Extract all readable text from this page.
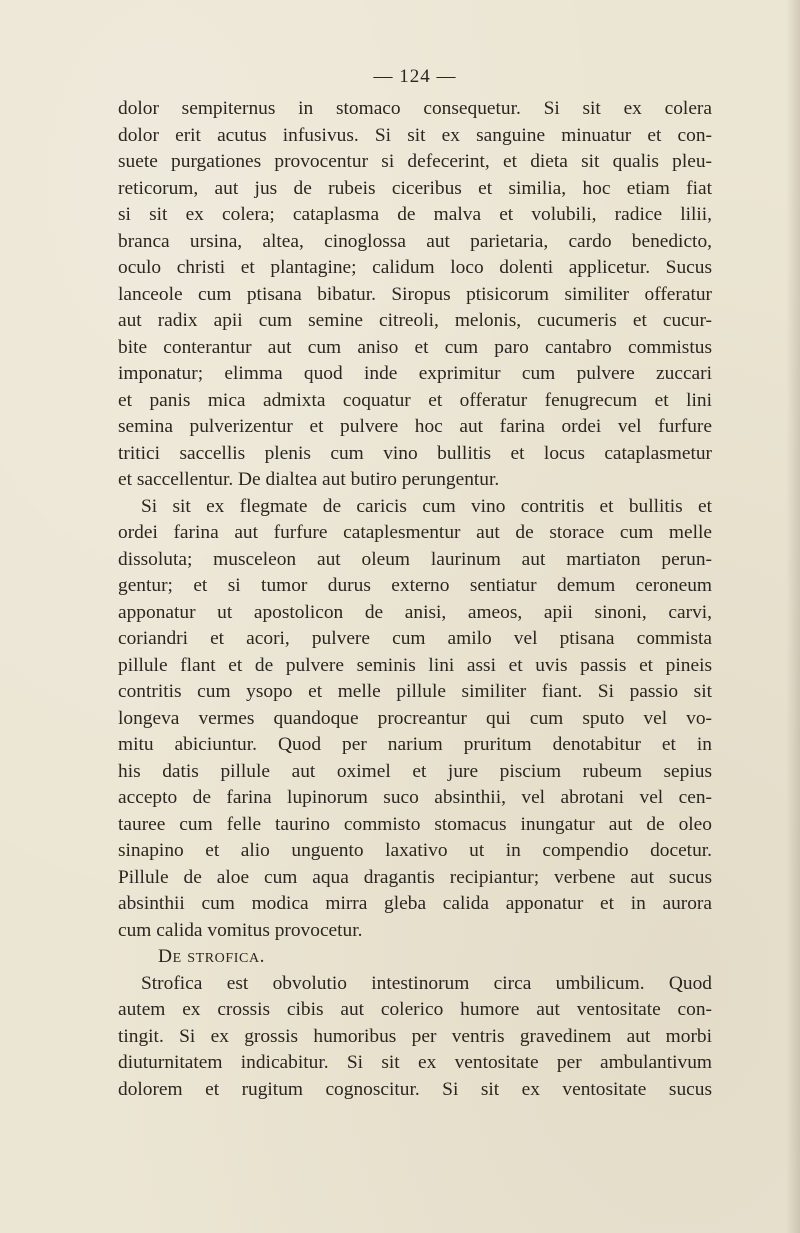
— 124 —
dolor sempiternus in stomaco consequetur. Si sit ex colera
dolor erit acutus infusivus. Si sit ex sanguine minuatur et con-
suete purgationes provocentur si defecerint, et dieta sit qualis pleu-
reticorum, aut jus de rubeis ciceribus et similia, hoc etiam fiat
si sit ex colera; cataplasma de malva et volubili, radice lilii,
branca ursina, altea, cinoglossa aut parietaria, cardo benedicto,
oculo christi et plantagine; calidum loco dolenti applicetur. Sucus
lanceole cum ptisana bibatur. Siropus ptisicorum similiter offeratur
aut radix apii cum semine citreoli, melonis, cucumeris et cucur-
bite conterantur aut cum aniso et cum paro cantabro commistus
imponatur; elimma quod inde exprimitur cum pulvere zuccari
et panis mica admixta coquatur et offeratur fenugrecum et lini
semina pulverizentur et pulvere hoc aut farina ordei vel furfure
tritici saccellis plenis cum vino bullitis et locus cataplasmetur
et saccellentur. De dialtea aut butiro perungentur.
Si sit ex flegmate de caricis cum vino contritis et bullitis et
ordei farina aut furfure cataplesmentur aut de storace cum melle
dissoluta; musceleon aut oleum laurinum aut martiaton perun-
gentur; et si tumor durus externo sentiatur demum ceroneum
apponatur ut apostolicon de anisi, ameos, apii sinoni, carvi,
coriandri et acori, pulvere cum amilo vel ptisana commista
pillule flant et de pulvere seminis lini assi et uvis passis et pineis
contritis cum ysopo et melle pillule similiter fiant. Si passio sit
longeva vermes quandoque procreantur qui cum sputo vel vo-
mitu abiciuntur. Quod per narium pruritum denotabitur et in
his datis pillule aut oximel et jure piscium rubeum sepius
accepto de farina lupinorum suco absinthii, vel abrotani vel cen-
tauree cum felle taurino commisto stomacus inungatur aut de oleo
sinapino et alio unguento laxativo ut in compendio docetur.
Pillule de aloe cum aqua dragantis recipiantur; verbene aut sucus
absinthii cum modica mirra gleba calida apponatur et in aurora
cum calida vomitus provocetur.
De strofica.
Strofica est obvolutio intestinorum circa umbilicum. Quod
autem ex crossis cibis aut colerico humore aut ventositate con-
tingit. Si ex grossis humoribus per ventris gravedinem aut morbi
diuturnitatem indicabitur. Si sit ex ventositate per ambulantivum
dolorem et rugitum cognoscitur. Si sit ex ventositate sucus
